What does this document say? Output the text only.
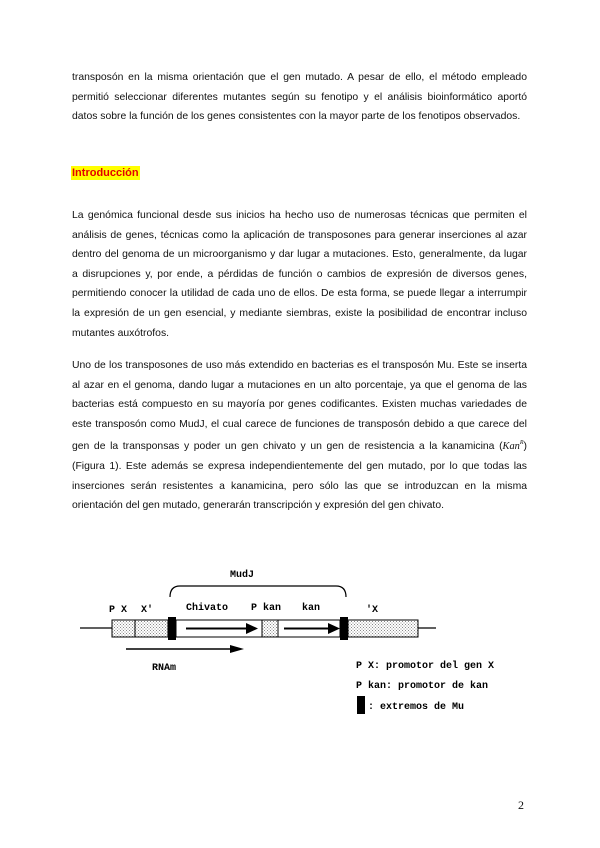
transposón en la misma orientación que el gen mutado. A pesar de ello, el método empleado permitió seleccionar diferentes mutantes según su fenotipo y el análisis bioinformático aportó datos sobre la función de los genes consistentes con la mayor parte de los fenotipos observados.

Introducción

La genómica funcional desde sus inicios ha hecho uso de numerosas técnicas que permiten el análisis de genes, técnicas como la aplicación de transposones para generar inserciones al azar dentro del genoma de un microorganismo y dar lugar a mutaciones. Esto, generalmente, da lugar a disrupciones y, por ende, a pérdidas de función o cambios de expresión de diversos genes, permitiendo conocer la utilidad de cada uno de ellos. De esta forma, se puede llegar a interrumpir la expresión de un gen esencial, y mediante siembras, existe la posibilidad de encontrar incluso mutantes auxótrofos.

Uno de los transposones de uso más extendido en bacterias es el transposón Mu. Este se inserta al azar en el genoma, dando lugar a mutaciones en un alto porcentaje, ya que el genoma de las bacterias está compuesto en su mayoría por genes codificantes. Existen muchas variedades de este transposón como MudJ, el cual carece de funciones de transposón debido a que carece del gen de la transponsas y poder un gen chivato y un gen de resistencia a la kanamicina (Kan$^R$) (Figura 1). Este además se expresa independientemente del gen mutado, por lo que todas las inserciones serán resistentes a kanamicina, pero sólo las que se introduzcan en la misma orientación del gen mutado, generarán transcripción y expresión del gen chivato.

MudJ
P X X'	Chivato P kan kan	'X
RNAm	P X: promotor del gen X
P kan: promotor de kan
: extremos de Mu
2
